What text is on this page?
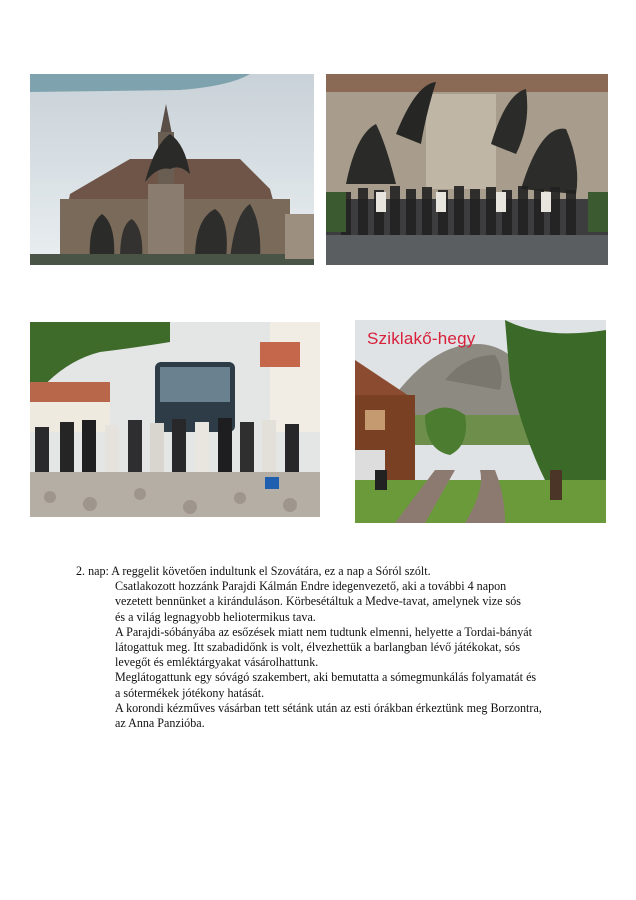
Sziklakő-hegy
2. nap: A reggelit követően indultunk el Szovátára, ez a nap a Sóról szólt.
Csatlakozott hozzánk Parajdi Kálmán Endre idegenvezető, aki a további 4 napon
vezetett bennünket a kiránduláson. Körbesétáltuk a Medve-tavat, amelynek vize sós
és a világ legnagyobb heliotermikus tava.
A Parajdi-sóbányába az esőzések miatt nem tudtunk elmenni, helyette a Tordai-bányát
látogattuk meg. Itt szabadidőnk is volt, élvezhettük a barlangban lévő játékokat, sós
levegőt és emléktárgyakat vásárolhattunk.
Meglátogattunk egy sóvágó szakembert, aki bemutatta a sómegmunkálás folyamatát és
a sótermékek jótékony hatását.
A korondi kézműves vásárban tett sétánk után az esti órákban érkeztünk meg Borzontra,
az Anna Panzióba.
